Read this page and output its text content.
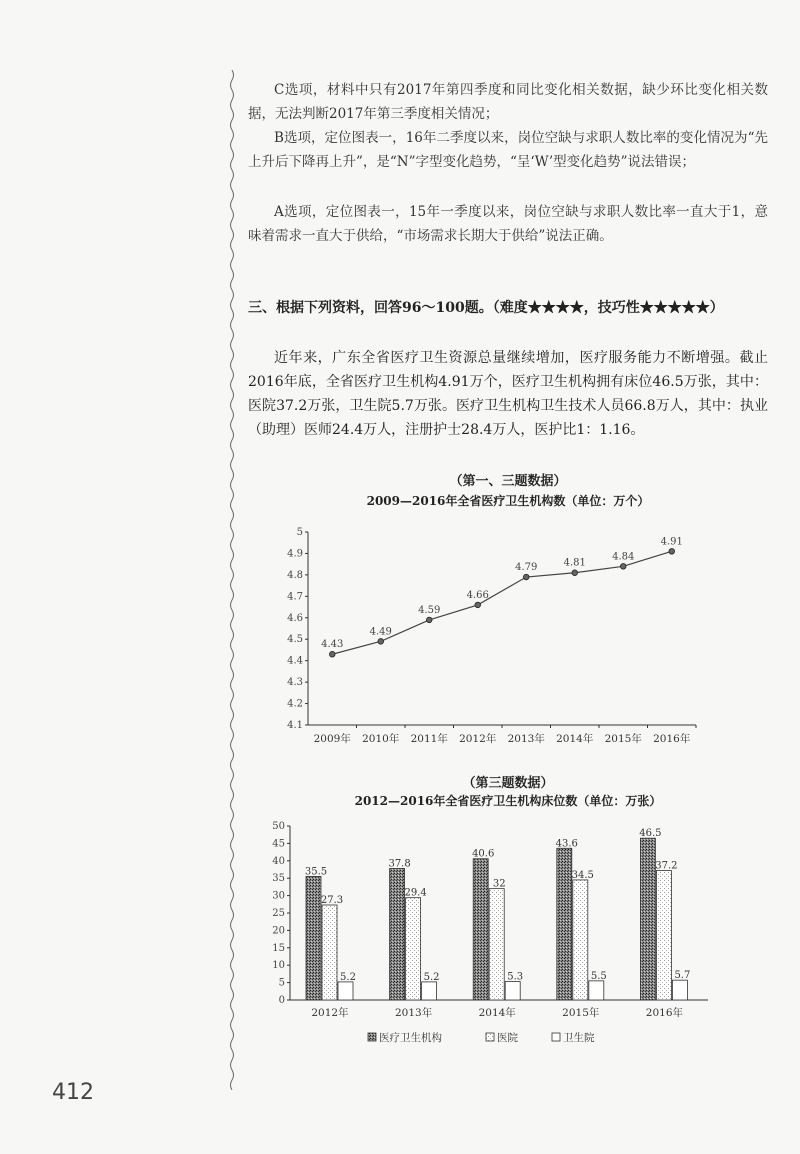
C选项，材料中只有2017年第四季度和同比变化相关数据，缺少环比变化相关数据，无法判断2017年第三季度相关情况；
B选项，定位图表一，16年二季度以来，岗位空缺与求职人数比率的变化情况为“先上升后下降再上升”，是“N”字型变化趋势，“呈‘W’型变化趋势”说法错误；
A选项，定位图表一，15年一季度以来，岗位空缺与求职人数比率一直大于1，意味着需求一直大于供给，“市场需求长期大于供给”说法正确。
三、根据下列资料，回答96～100题。（难度★★★★，技巧性★★★★★）
近年来，广东全省医疗卫生资源总量继续增加，医疗服务能力不断增强。截止2016年底，全省医疗卫生机构4.91万个，医疗卫生机构拥有床位46.5万张，其中：医院37.2万张，卫生院5.7万张。医疗卫生机构卫生技术人员66.8万人，其中：执业（助理）医师24.4万人，注册护士28.4万人，医护比1：1.16。
（第一、三题数据）
2009—2016年全省医疗卫生机构数（单位：万个）
4.1
4.2
4.3
4.4
4.5
4.6
4.7
4.8
4.9
5
2009年 2010年 2011年 2012年 2013年 2014年 2015年 2016年
4.43
4.49
4.59
4.66
4.79	4.81
4.84
4.91
（第三题数据）
2012—2016年全省医疗卫生机构床位数（单位：万张）
0
5
10
15
20
25
30
35
40
45
50
2012年
35.5
27.3
5.2
2013年
37.8
29.4
5.2
2014年
40.6
32
5.3
2015年
43.6
34.5
5.5
2016年
46.5
37.2
5.7
医疗卫生机构	医院	卫生院
412
